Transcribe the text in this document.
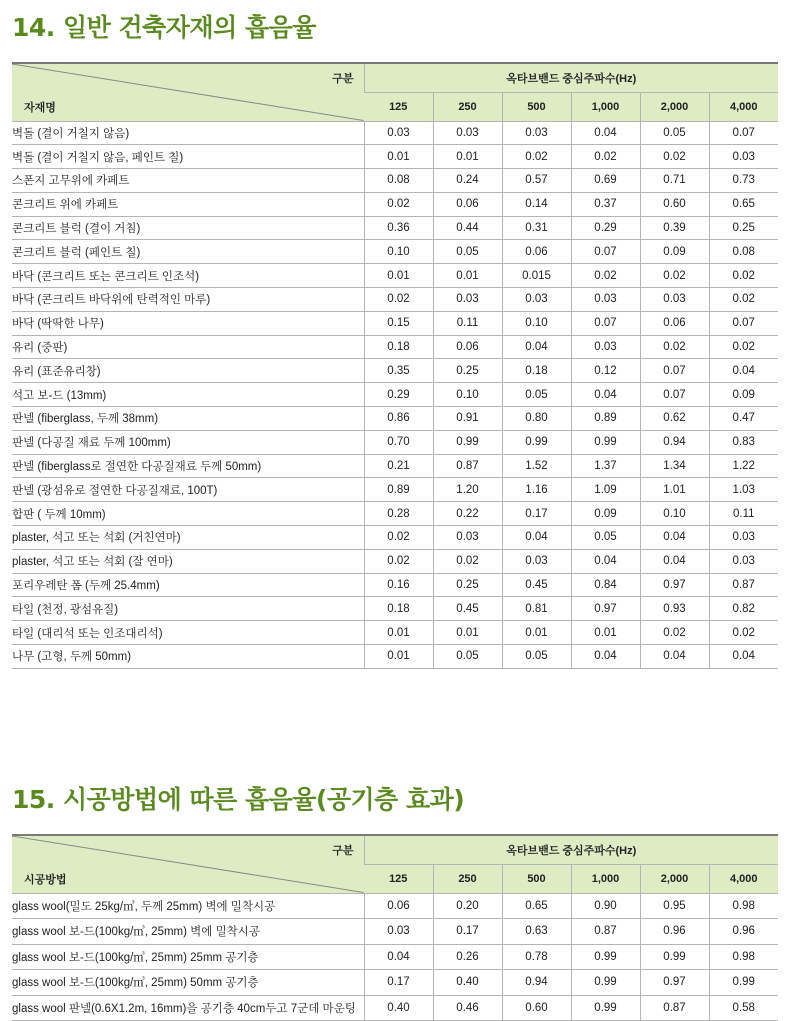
14. 일반 건축자재의 흡음율
구분
자재명	옥타브밴드 중심주파수(Hz)					
	125	250	500	1,000	2,000	4,000
벽돌 (결이 거칠지 않음)	0.03	0.03	0.03	0.04	0.05	0.07
벽돌 (결이 거칠지 않음, 페인트 칠)	0.01	0.01	0.02	0.02	0.02	0.03
스폰지 고무위에 카페트	0.08	0.24	0.57	0.69	0.71	0.73
콘크리트 위에 카페트	0.02	0.06	0.14	0.37	0.60	0.65
콘크리트 블럭 (결이 거침)	0.36	0.44	0.31	0.29	0.39	0.25
콘크리트 블럭 (페인트 칠)	0.10	0.05	0.06	0.07	0.09	0.08
바닥 (콘크리트 또는 콘크리트 인조석)	0.01	0.01	0.015	0.02	0.02	0.02
바닥 (콘크리트 바닥위에 탄력적인 마루)	0.02	0.03	0.03	0.03	0.03	0.02
바닥 (딱딱한 나무)	0.15	0.11	0.10	0.07	0.06	0.07
유리 (중판)	0.18	0.06	0.04	0.03	0.02	0.02
유리 (표준유리창)	0.35	0.25	0.18	0.12	0.07	0.04
석고 보-드 (13mm)	0.29	0.10	0.05	0.04	0.07	0.09
판넬 (fiberglass, 두께 38mm)	0.86	0.91	0.80	0.89	0.62	0.47
판넬 (다공질 재료 두께 100mm)	0.70	0.99	0.99	0.99	0.94	0.83
판넬 (fiberglass로 절연한 다공질재료 두께 50mm)	0.21	0.87	1.52	1.37	1.34	1.22
판넬 (광섬유로 절연한 다공질재료, 100T)	0.89	1.20	1.16	1.09	1.01	1.03
합판 ( 두께 10mm)	0.28	0.22	0.17	0.09	0.10	0.11
plaster, 석고 또는 석회 (거친연마)	0.02	0.03	0.04	0.05	0.04	0.03
plaster, 석고 또는 석회 (잘 연마)	0.02	0.02	0.03	0.04	0.04	0.03
포리우레탄 폼 (두께 25.4mm)	0.16	0.25	0.45	0.84	0.97	0.87
타일 (천정, 광섬유질)	0.18	0.45	0.81	0.97	0.93	0.82
타일 (대리석 또는 인조대리석)	0.01	0.01	0.01	0.01	0.02	0.02
나무 (고형, 두께 50mm)	0.01	0.05	0.05	0.04	0.04	0.04
15. 시공방법에 따른 흡음율(공기층 효과)
구분
시공방법	옥타브밴드 중심주파수(Hz)					
	125	250	500	1,000	2,000	4,000
glass wool(밀도 25kg/㎥, 두께 25mm) 벽에 밀착시공	0.06	0.20	0.65	0.90	0.95	0.98
glass wool 보-드(100kg/㎥, 25mm) 벽에 밀착시공	0.03	0.17	0.63	0.87	0.96	0.96
glass wool 보-드(100kg/㎥, 25mm) 25mm 공기층	0.04	0.26	0.78	0.99	0.99	0.98
glass wool 보-드(100kg/㎥, 25mm) 50mm 공기층	0.17	0.40	0.94	0.99	0.97	0.99
glass wool 판넬(0.6X1.2m, 16mm)을 공기층 40cm두고 7군데 마운팅	0.40	0.46	0.60	0.99	0.87	0.58
